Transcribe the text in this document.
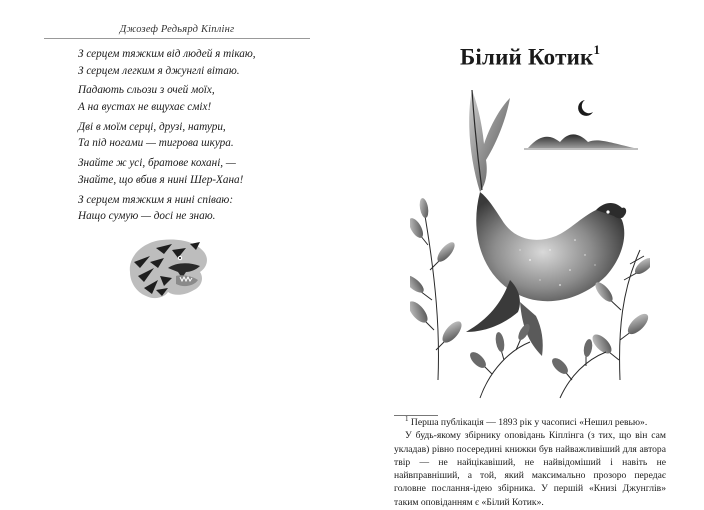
Джозеф Редьярд Кіплінг
З серцем тяжким від людей я тікаю,
З серцем легким я джунглі вітаю.
Падають сльози з очей моїх,
А на вустах не вщухає сміх!
Дві в моїм серці, друзі, натури,
Та під ногами — тигрова шкура.
Знайте ж усі, братове кохані, —
Знайте, що вбив я нині Шер-Хана!
З серцем тяжким я нині співаю:
Нащо сумую — досі не знаю.
Білий Котик$^1$

$^1$ Перша публікація — 1893 рік у часописі «Нешил ревью».

У будь-якому збірнику оповідань Кіплінга (з тих, що він сам укладав) рівно посередині книжки був найважливіший для автора твір — не найцікавіший, не найвідоміший і навіть не найвправніший, а той, який максимально прозоро передає головне послання-ідею збірника. У першій «Книзі Джунглів» таким оповіданням є «Білий Котик».
